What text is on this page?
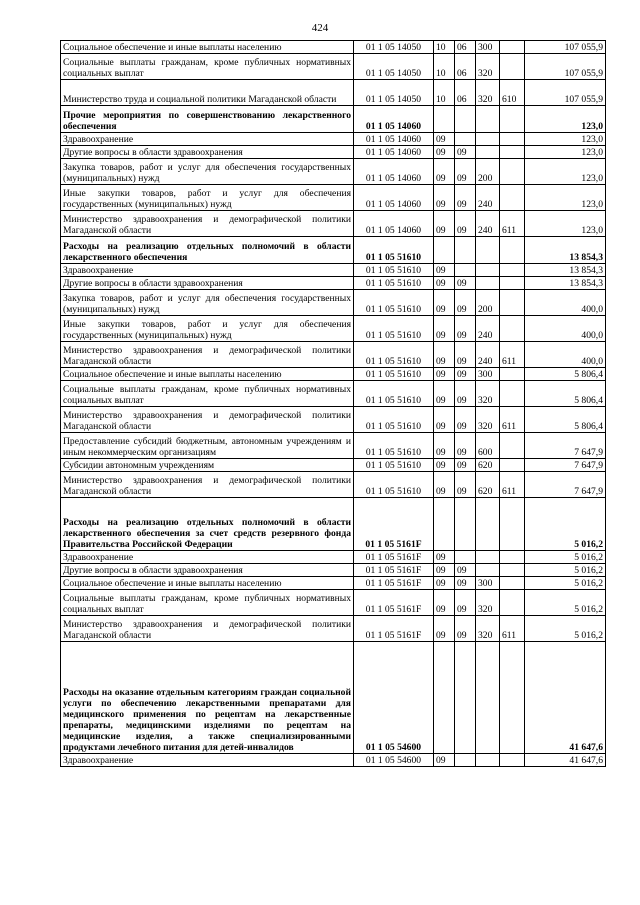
424
Социальное обеспечение и иные выплаты населению	01 1 05 14050	10	06	300		107 055,9
Социальные выплаты гражданам, кроме публичных нормативных социальных выплат	01 1 05 14050	10	06	320		107 055,9
Министерство труда и социальной политики Магаданской области	01 1 05 14050	10	06	320	610	107 055,9
Прочие мероприятия по совершенствованию лекарственного обеспечения	01 1 05 14060					123,0
Здравоохранение	01 1 05 14060	09				123,0
Другие вопросы в области здравоохранения	01 1 05 14060	09	09			123,0
Закупка товаров, работ и услуг для обеспечения государственных (муниципальных) нужд	01 1 05 14060	09	09	200		123,0
Иные закупки товаров, работ и услуг для обеспечения государственных (муниципальных) нужд	01 1 05 14060	09	09	240		123,0
Министерство здравоохранения и демографической политики Магаданской области	01 1 05 14060	09	09	240	611	123,0
Расходы на реализацию отдельных полномочий в области лекарственного обеспечения	01 1 05 51610					13 854,3
Здравоохранение	01 1 05 51610	09				13 854,3
Другие вопросы в области здравоохранения	01 1 05 51610	09	09			13 854,3
Закупка товаров, работ и услуг для обеспечения государственных (муниципальных) нужд	01 1 05 51610	09	09	200		400,0
Иные закупки товаров, работ и услуг для обеспечения государственных (муниципальных) нужд	01 1 05 51610	09	09	240		400,0
Министерство здравоохранения и демографической политики Магаданской области	01 1 05 51610	09	09	240	611	400,0
Социальное обеспечение и иные выплаты населению	01 1 05 51610	09	09	300		5 806,4
Социальные выплаты гражданам, кроме публичных нормативных социальных выплат	01 1 05 51610	09	09	320		5 806,4
Министерство здравоохранения и демографической политики Магаданской области	01 1 05 51610	09	09	320	611	5 806,4
Предоставление субсидий бюджетным, автономным учреждениям и иным некоммерческим организациям	01 1 05 51610	09	09	600		7 647,9
Субсидии автономным учреждениям	01 1 05 51610	09	09	620		7 647,9
Министерство здравоохранения и демографической политики Магаданской области	01 1 05 51610	09	09	620	611	7 647,9
Расходы на реализацию отдельных полномочий в области лекарственного обеспечения за счет средств резервного фонда Правительства Российской Федерации	01 1 05 5161F					5 016,2
Здравоохранение	01 1 05 5161F	09				5 016,2
Другие вопросы в области здравоохранения	01 1 05 5161F	09	09			5 016,2
Социальное обеспечение и иные выплаты населению	01 1 05 5161F	09	09	300		5 016,2
Социальные выплаты гражданам, кроме публичных нормативных социальных выплат	01 1 05 5161F	09	09	320		5 016,2
Министерство здравоохранения и демографической политики Магаданской области	01 1 05 5161F	09	09	320	611	5 016,2
Расходы на оказание отдельным категориям граждан социальной услуги по обеспечению лекарственными препаратами для медицинского применения по рецептам на лекарственные препараты, медицинскими изделиями по рецептам на медицинские изделия, а также специализированными продуктами лечебного питания для детей-инвалидов	01 1 05 54600					41 647,6
Здравоохранение	01 1 05 54600	09				41 647,6
